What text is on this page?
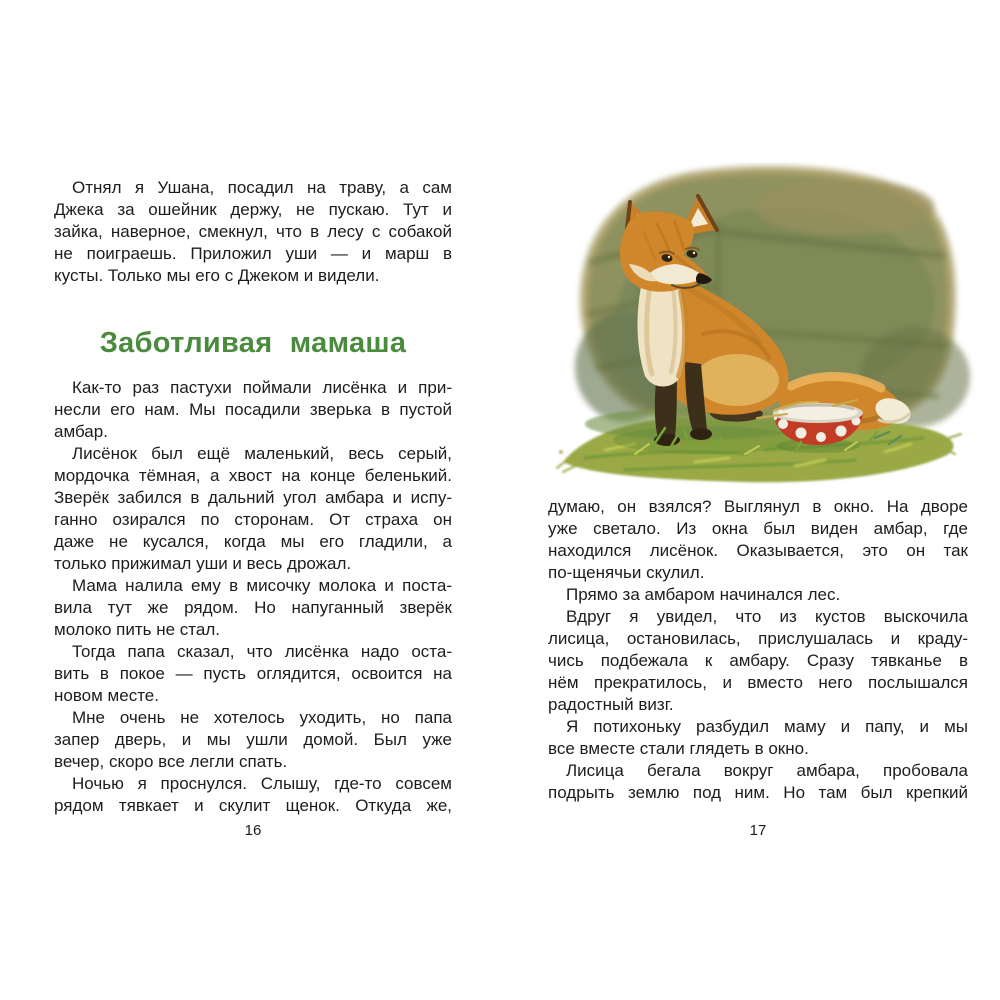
Отнял я Ушана, посадил на траву, а сам
Джека за ошейник держу, не пускаю. Тут и
зайка, наверное, смекнул, что в лесу с собакой
не поиграешь. Приложил уши — и марш в
кусты. Только мы его с Джеком и видели.
Заботливая мамаша
Как-то раз пастухи поймали лисёнка и при-
несли его нам. Мы посадили зверька в пустой
амбар.
Лисёнок был ещё маленький, весь серый,
мордочка тёмная, а хвост на конце беленький.
Зверёк забился в дальний угол амбара и испу-
ганно озирался по сторонам. От страха он
даже не кусался, когда мы его гладили, а
только прижимал уши и весь дрожал.
Мама налила ему в мисочку молока и поста-
вила тут же рядом. Но напуганный зверёк
молоко пить не стал.
Тогда папа сказал, что лисёнка надо оста-
вить в покое — пусть оглядится, освоится на
новом месте.
Мне очень не хотелось уходить, но папа
запер дверь, и мы ушли домой. Был уже
вечер, скоро все легли спать.
Ночью я проснулся. Слышу, где-то совсем
рядом тявкает и скулит щенок. Откуда же,
думаю, он взялся? Выглянул в окно. На дворе
уже светало. Из окна был виден амбар, где
находился лисёнок. Оказывается, это он так
по-щенячьи скулил.
Прямо за амбаром начинался лес.
Вдруг я увидел, что из кустов выскочила
лисица, остановилась, прислушалась и краду-
чись подбежала к амбару. Сразу тявканье в
нём прекратилось, и вместо него послышался
радостный визг.
Я потихоньку разбудил маму и папу, и мы
все вместе стали глядеть в окно.
Лисица бегала вокруг амбара, пробовала
подрыть землю под ним. Но там был крепкий
16	17
